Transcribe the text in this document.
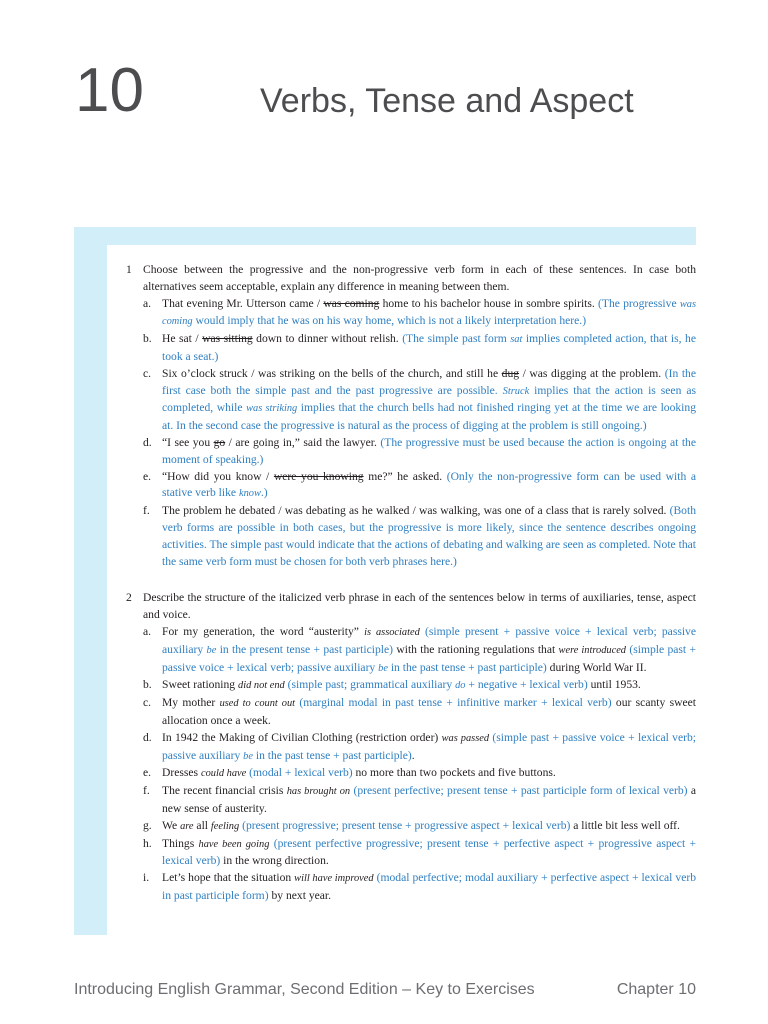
10	Verbs, Tense and Aspect
1 Choose between the progressive and the non-progressive verb form in each of these sentences. In case both alternatives seem acceptable, explain any difference in meaning between them.
a. That evening Mr. Utterson came / was coming home to his bachelor house in sombre spirits. (The progressive was coming would imply that he was on his way home, which is not a likely interpretation here.)
b. He sat / was sitting down to dinner without relish. (The simple past form sat implies completed action, that is, he took a seat.)
c. Six o’clock struck / was striking on the bells of the church, and still he dug / was digging at the problem. (In the first case both the simple past and the past progressive are possible. Struck implies that the action is seen as completed, while was striking implies that the church bells had not finished ringing yet at the time we are looking at. In the second case the progressive is natural as the process of digging at the problem is still ongoing.)
d. “I see you go / are going in,” said the lawyer. (The progressive must be used because the action is ongoing at the moment of speaking.)
e. “How did you know / were you knowing me?” he asked. (Only the non-progressive form can be used with a stative verb like know.)
f. The problem he debated / was debating as he walked / was walking, was one of a class that is rarely solved. (Both verb forms are possible in both cases, but the progressive is more likely, since the sentence describes ongoing activities. The simple past would indicate that the actions of debating and walking are seen as completed. Note that the same verb form must be chosen for both verb phrases here.)
2 Describe the structure of the italicized verb phrase in each of the sentences below in terms of auxiliaries, tense, aspect and voice.
a. For my generation, the word “austerity” is associated (simple present + passive voice + lexical verb; passive auxiliary be in the present tense + past participle) with the rationing regulations that were introduced (simple past + passive voice + lexical verb; passive auxiliary be in the past tense + past participle) during World War II.
b. Sweet rationing did not end (simple past; grammatical auxiliary do + negative + lexical verb) until 1953.
c. My mother used to count out (marginal modal in past tense + infinitive marker + lexical verb) our scanty sweet allocation once a week.
d. In 1942 the Making of Civilian Clothing (restriction order) was passed (simple past + passive voice + lexical verb; passive auxiliary be in the past tense + past participle).
e. Dresses could have (modal + lexical verb) no more than two pockets and five buttons.
f. The recent financial crisis has brought on (present perfective; present tense + past participle form of lexical verb) a new sense of austerity.
g. We are all feeling (present progressive; present tense + progressive aspect + lexical verb) a little bit less well off.
h. Things have been going (present perfective progressive; present tense + perfective aspect + progressive aspect + lexical verb) in the wrong direction.
i. Let’s hope that the situation will have improved (modal perfective; modal auxiliary + perfective aspect + lexical verb in past participle form) by next year.
Introducing English Grammar, Second Edition – Key to Exercises	Chapter 10
